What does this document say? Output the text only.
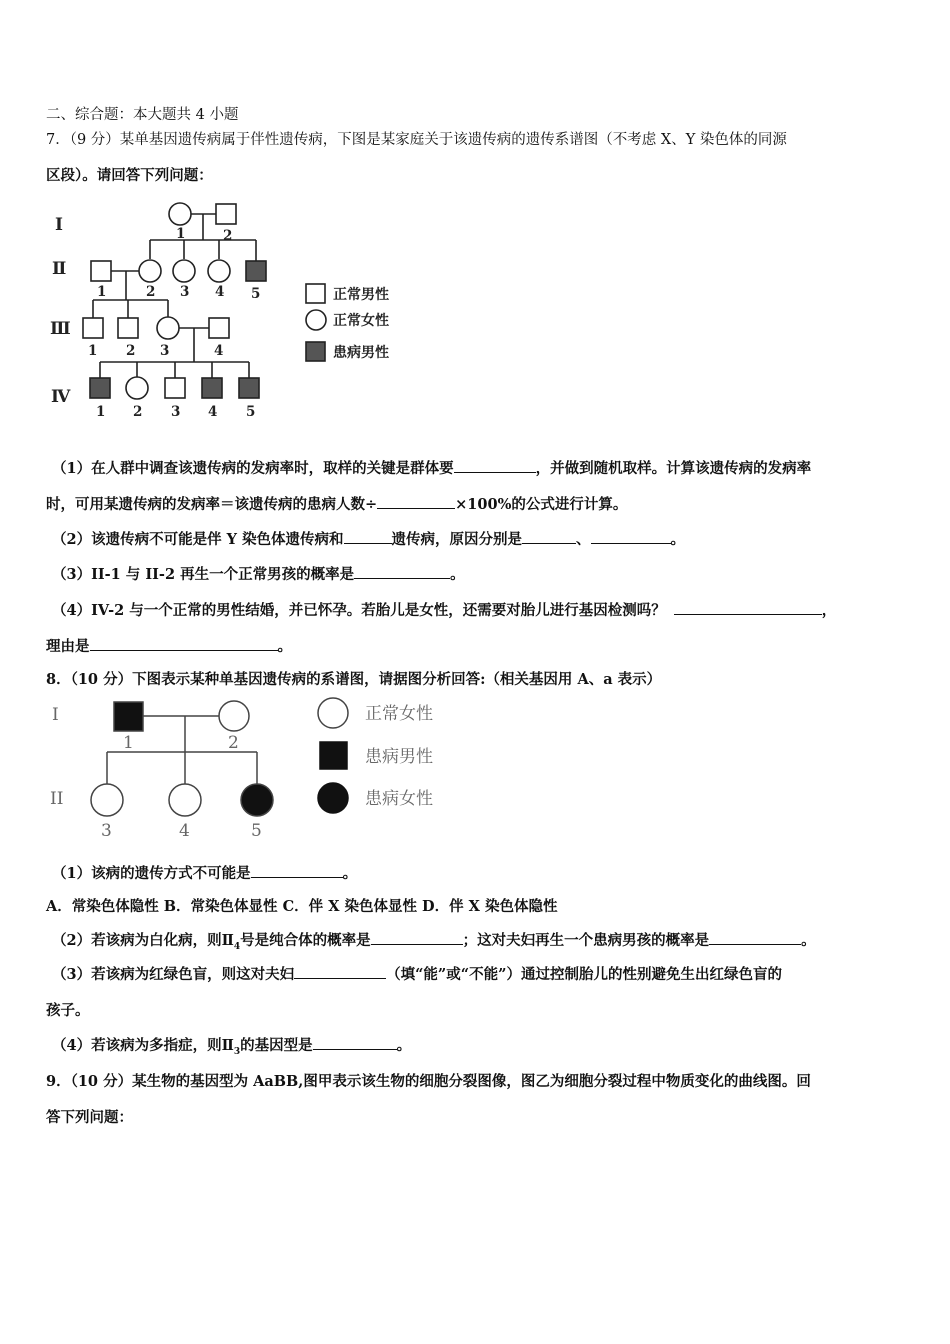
二、综合题：本大题共 4 小题
7．（9 分）某单基因遗传病属于伴性遗传病，下图是某家庭关于该遗传病的遗传系谱图（不考虑 X、Y 染色体的同源
区段）。请回答下列问题：
Ⅰ
Ⅱ
Ⅲ
Ⅳ
1	2
1	2 3 4 5
1 2 3	4
1 2 3 4 5
正常男性
正常女性
患病男性
（1）在人群中调查该遗传病的发病率时，取样的关键是群体要	，并做到随机取样。计算该遗传病的发病率
时，可用某遗传病的发病率＝该遗传病的患病人数÷	×100%的公式进行计算。
（2）该遗传病不可能是伴 Y 染色体遗传病和	遗传病，原因分别是	、	。
（3）II-1 与 II-2 再生一个正常男孩的概率是	。
（4）IV-2 与一个正常的男性结婚，并已怀孕。若胎儿是女性，还需要对胎儿进行基因检测吗？	，
理由是	。
8．（10 分）下图表示某种单基因遗传病的系谱图，请据图分析回答:（相关基因用 A、a 表示）
I
II
1	2
3	4	5
正常女性
患病男性
患病女性
（1）该病的遗传方式不可能是	。
A．常染色体隐性 B．常染色体显性 C．伴 X 染色体显性 D．伴 X 染色体隐性
（2）若该病为白化病，则$Ⅱ_4$号是纯合体的概率是	；这对夫妇再生一个患病男孩的概率是	。
（3）若该病为红绿色盲，则这对夫妇	（填“能”或“不能”）通过控制胎儿的性别避免生出红绿色盲的
孩子。
（4）若该病为多指症，则$Ⅱ_3$的基因型是	。
9．（10 分）某生物的基因型为 AaBB,图甲表示该生物的细胞分裂图像，图乙为细胞分裂过程中物质变化的曲线图。回
答下列问题：
